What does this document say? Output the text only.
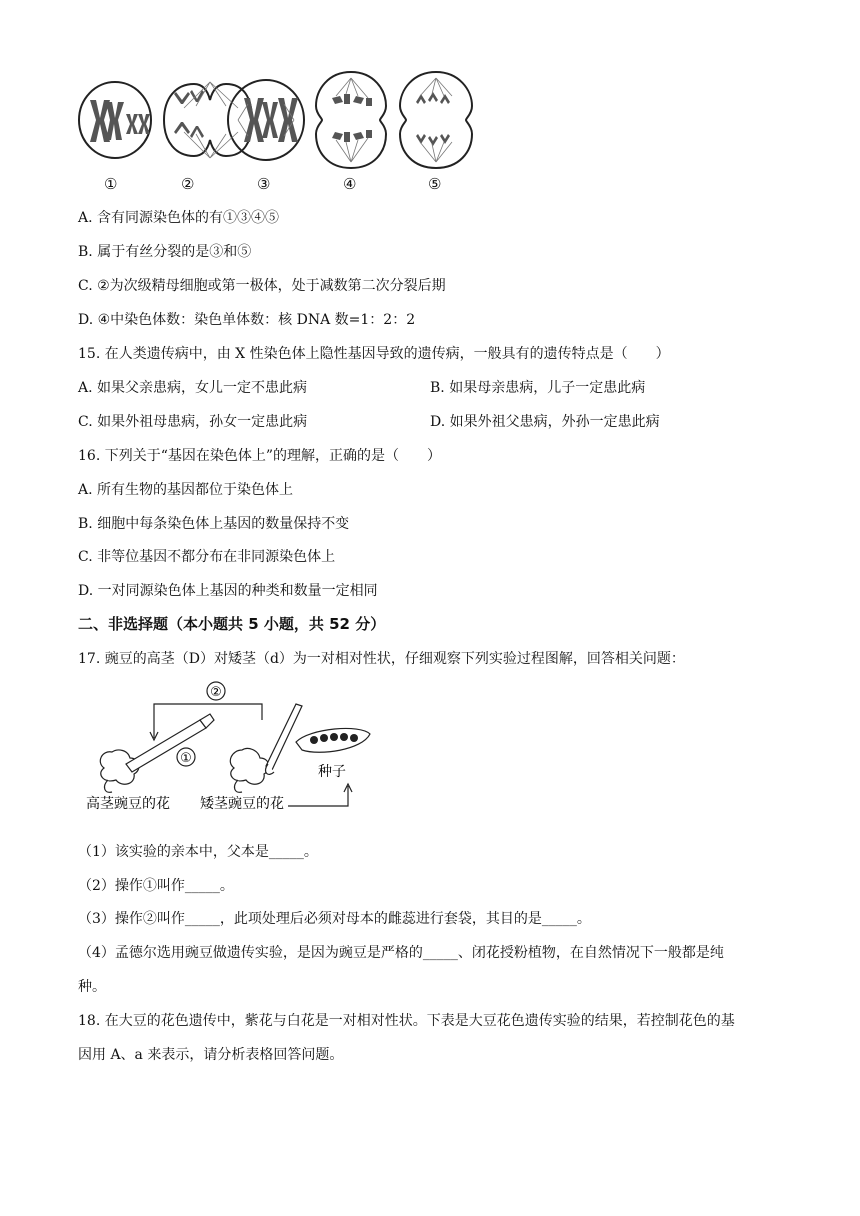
①	②	③	④	⑤
A. 含有同源染色体的有①③④⑤
B. 属于有丝分裂的是③和⑤
C. ②为次级精母细胞或第一极体，处于减数第二次分裂后期
D. ④中染色体数：染色单体数：核 DNA 数=1：2：2
15. 在人类遗传病中，由 X 性染色体上隐性基因导致的遗传病，一般具有的遗传特点是（　　）
A. 如果父亲患病，女儿一定不患此病	B. 如果母亲患病，儿子一定患此病
C. 如果外祖母患病，孙女一定患此病	D. 如果外祖父患病，外孙一定患此病
16. 下列关于“基因在染色体上”的理解，正确的是（　　）
A. 所有生物的基因都位于染色体上
B. 细胞中每条染色体上基因的数量保持不变
C. 非等位基因不都分布在非同源染色体上
D. 一对同源染色体上基因的种类和数量一定相同
二、非选择题（本小题共 5 小题，共 52 分）
17. 豌豆的高茎（D）对矮茎（d）为一对相对性状，仔细观察下列实验过程图解，回答相关问题：
②
①
种子
高茎豌豆的花 矮茎豌豆的花
（1）该实验的亲本中，父本是_____。
（2）操作①叫作_____。
（3）操作②叫作_____，此项处理后必须对母本的雌蕊进行套袋，其目的是_____。
（4）孟德尔选用豌豆做遗传实验，是因为豌豆是严格的_____、闭花授粉植物，在自然情况下一般都是纯
种。
18. 在大豆的花色遗传中，紫花与白花是一对相对性状。下表是大豆花色遗传实验的结果，若控制花色的基
因用 A、a 来表示，请分析表格回答问题。
